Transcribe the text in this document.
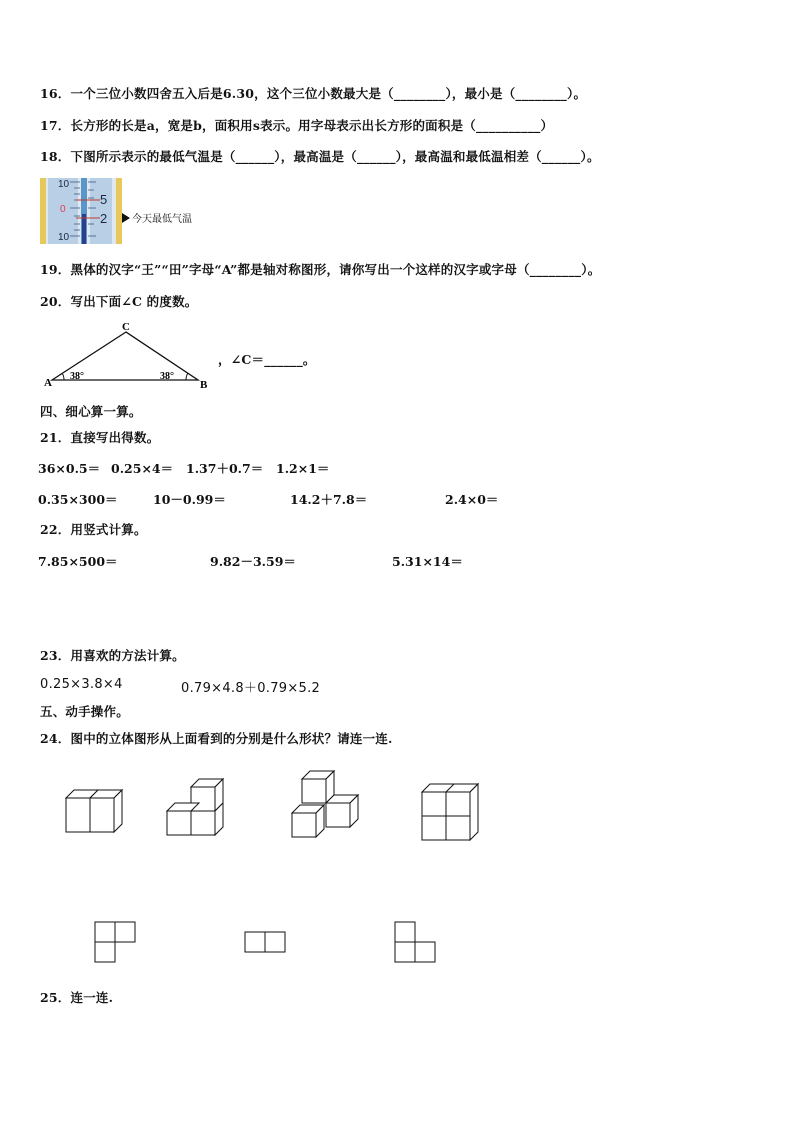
16．一个三位小数四舍五入后是6.30，这个三位小数最大是（________），最小是（________）。
17．长方形的长是a，宽是b，面积用s表示。用字母表示出长方形的面积是（__________）
18．下图所示表示的最低气温是（______），最高温是（______），最高温和最低温相差（______）。
10
0
10
5
2 今天最低气温
19．黑体的汉字“王”“田”字母“A”都是轴对称图形，请你写出一个这样的汉字或字母（________）。
20．写出下面∠C 的度数。
A	B
C
38°	38°
，∠C＝______。
四、细心算一算。
21．直接写出得数。
36×0.5＝ 0.25×4＝ 1.37＋0.7＝ 1.2×1＝
0.35×300＝	10－0.99＝	14.2＋7.8＝	2.4×0＝
22．用竖式计算。
7.85×500＝	9.82－3.59＝	5.31×14＝
23．用喜欢的方法计算。
0.25×3.8×4	0.79×4.8＋0.79×5.2
五、动手操作。
24．图中的立体图形从上面看到的分别是什么形状？请连一连.
25．连一连.
